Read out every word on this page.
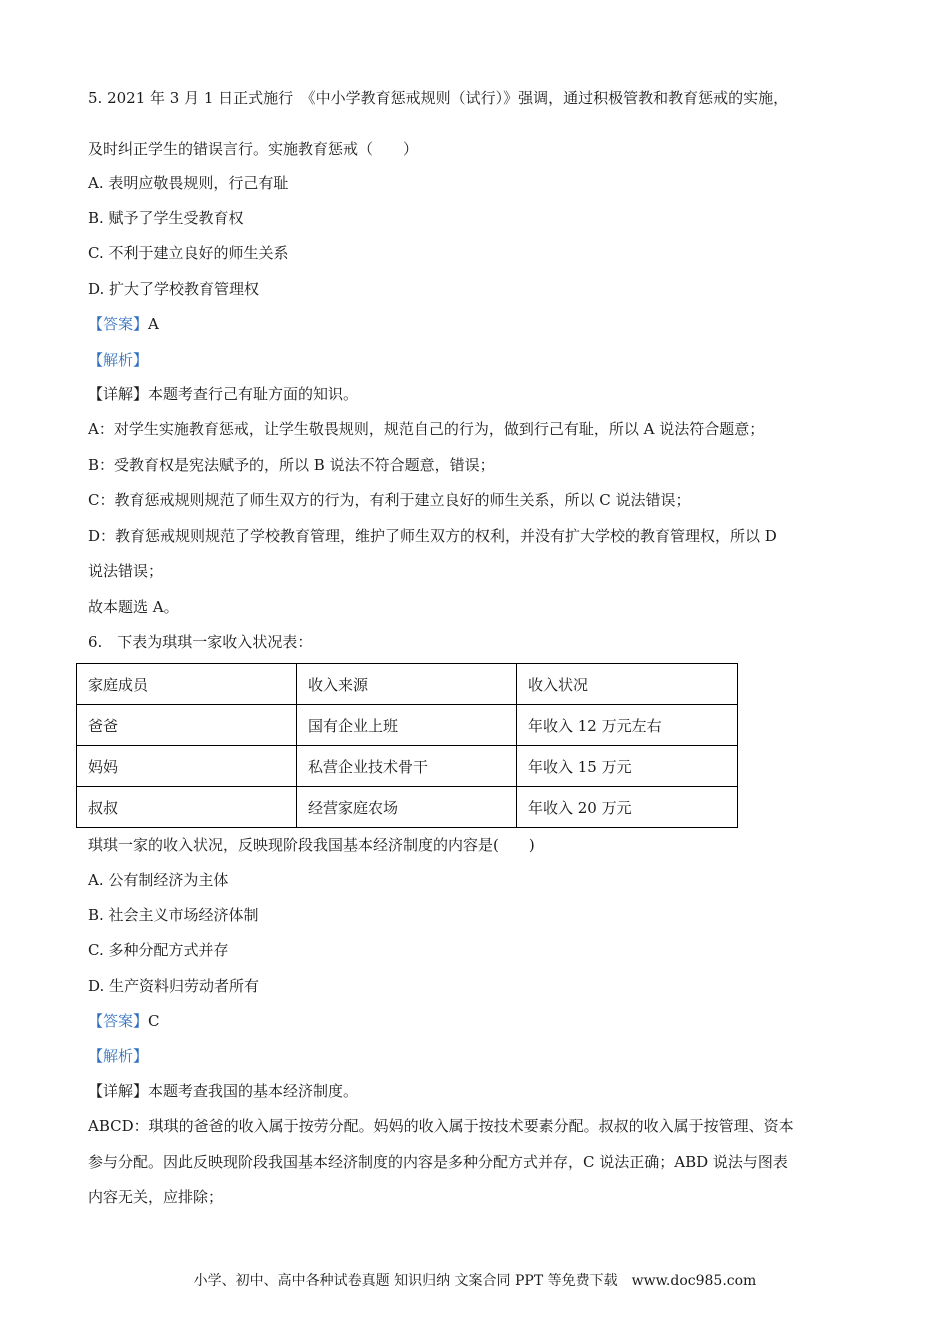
5. 2021 年 3 月 1 日正式施行　《中小学教育惩戒规则（试行）》强调，通过积极管教和教育惩戒的实施，
及时纠正学生的错误言行。实施教育惩戒（　　）
A. 表明应敬畏规则，行己有耻
B. 赋予了学生受教育权
C. 不利于建立良好的师生关系
D. 扩大了学校教育管理权
【答案】A
【解析】
【详解】本题考查行己有耻方面的知识。
A：对学生实施教育惩戒，让学生敬畏规则，规范自己的行为，做到行己有耻，所以 A 说法符合题意；
B：受教育权是宪法赋予的，所以 B 说法不符合题意，错误；
C：教育惩戒规则规范了师生双方的行为，有利于建立良好的师生关系，所以 C 说法错误；
D：教育惩戒规则规范了学校教育管理，维护了师生双方的权利，并没有扩大学校的教育管理权，所以 D
说法错误；
故本题选 A。
6.　下表为琪琪一家收入状况表：
家庭成员	收入来源	收入状况
爸爸	国有企业上班	年收入 12 万元左右
妈妈	私营企业技术骨干	年收入 15 万元
叔叔	经营家庭农场	年收入 20 万元
琪琪一家的收入状况，反映现阶段我国基本经济制度的内容是(　　)
A. 公有制经济为主体
B. 社会主义市场经济体制
C. 多种分配方式并存
D. 生产资料归劳动者所有
【答案】C
【解析】
【详解】本题考查我国的基本经济制度。
ABCD：琪琪的爸爸的收入属于按劳分配。妈妈的收入属于按技术要素分配。叔叔的收入属于按管理、资本
参与分配。因此反映现阶段我国基本经济制度的内容是多种分配方式并存，C 说法正确；ABD 说法与图表
内容无关，应排除；
小学、初中、高中各种试卷真题 知识归纳 文案合同 PPT 等免费下载　www.doc985.com
